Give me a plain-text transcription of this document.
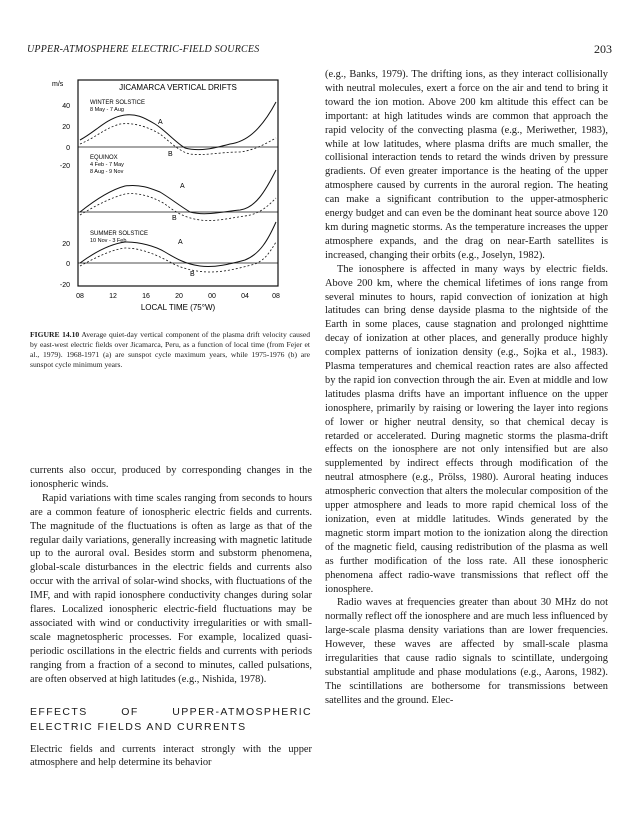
UPPER-ATMOSPHERE ELECTRIC-FIELD SOURCES	203
JICAMARCA VERTICAL DRIFTS
m/s
40
20
0
-20
20
0
-20
WINTER SOLSTICE
8 May - 7 Aug
EQUINOX
4 Feb - 7 May
8 Aug - 9 Nov
SUMMER SOLSTICE
10 Nov - 3 Feb
A
B
A
B
A
B
08	12	16	20	00	04	08
LOCAL TIME (75°W)
FIGURE 14.10 Average quiet-day vertical component of the plasma drift velocity caused by east-west electric fields over Jicamarca, Peru, as a function of local time (from Fejer et al., 1979). 1968-1971 (a) are sunspot cycle maximum years, while 1975-1976 (b) are sunspot cycle minimum years.

currents also occur, produced by corresponding changes in the ionospheric winds.

Rapid variations with time scales ranging from seconds to hours are a common feature of ionospheric electric fields and currents. The magnitude of the fluctuations is often as large as that of the regular daily variations, generally increasing with magnetic latitude up to the auroral oval. Besides storm and substorm phenomena, global-scale disturbances in the electric fields and currents also occur with the arrival of solar-wind shocks, with fluctuations of the IMF, and with rapid ionosphere conductivity changes during solar flares. Localized ionospheric electric-field fluctuations may be associated with wind or conductivity irregularities or with small-scale magnetospheric processes. For example, localized quasi-periodic oscillations in the electric fields and currents with periods ranging from a fraction of a second to minutes, called pulsations, are often observed at high latitudes (e.g., Nishida, 1978).

EFFECTS OF UPPER-ATMOSPHERIC ELECTRIC FIELDS AND CURRENTS

Electric fields and currents interact strongly with the upper atmosphere and help determine its behavior

(e.g., Banks, 1979). The drifting ions, as they interact collisionally with neutral molecules, exert a force on the air and tend to bring it toward the ion motion. Above 200 km altitude this effect can be important: at high latitudes winds are common that approach the rapid velocity of the convecting plasma (e.g., Meriwether, 1983), while at low latitudes, where plasma drifts are much smaller, the collisional interaction tends to retard the winds driven by pressure gradients. Of even greater importance is the heating of the upper atmosphere caused by currents in the auroral region. The heating can make a significant contribution to the upper-atmospheric energy budget and can even be the dominant heat source above 120 km during magnetic storms. As the temperature increases the upper atmosphere expands, and the drag on near-Earth satellites is increased, changing their orbits (e.g., Joselyn, 1982).

The ionosphere is affected in many ways by electric fields. Above 200 km, where the chemical lifetimes of ions range from several minutes to hours, rapid convection of ionization at high latitudes can bring dense dayside plasma to the nightside of the Earth in some places, cause stagnation and prolonged nighttime decay of ionization at other places, and generally produce highly complex patterns of ionization density (e.g., Sojka et al., 1983). Plasma temperatures and chemical reaction rates are also affected by the rapid ion convection through the air. Even at middle and low latitudes plasma drifts have an important influence on the upper ionosphere, primarily by raising or lowering the layer into regions of lower or higher neutral density, so that chemical decay is retarded or accelerated. During magnetic storms the plasma-drift effects on the ionosphere are not only intensified but are also supplemented by indirect effects through modification of the neutral atmosphere (e.g., Prölss, 1980). Auroral heating induces atmospheric convection that alters the molecular composition of the upper atmosphere and leads to more rapid chemical loss of the ionization, even at middle latitudes. Winds generated by the magnetic storm impart motion to the ionization along the direction of the magnetic field, causing redistribution of the plasma as well as further modification of the loss rate. All these ionospheric phenomena affect radio-wave transmissions that reflect off the ionosphere.

Radio waves at frequencies greater than about 30 MHz do not normally reflect off the ionosphere and are much less influenced by large-scale plasma density variations than are lower frequencies. However, these waves are affected by small-scale plasma irregularities that cause radio signals to scintillate, undergoing substantial amplitude and phase modulations (e.g., Aarons, 1982). The scintillations are bothersome for transmissions between satellites and the ground. Elec-
